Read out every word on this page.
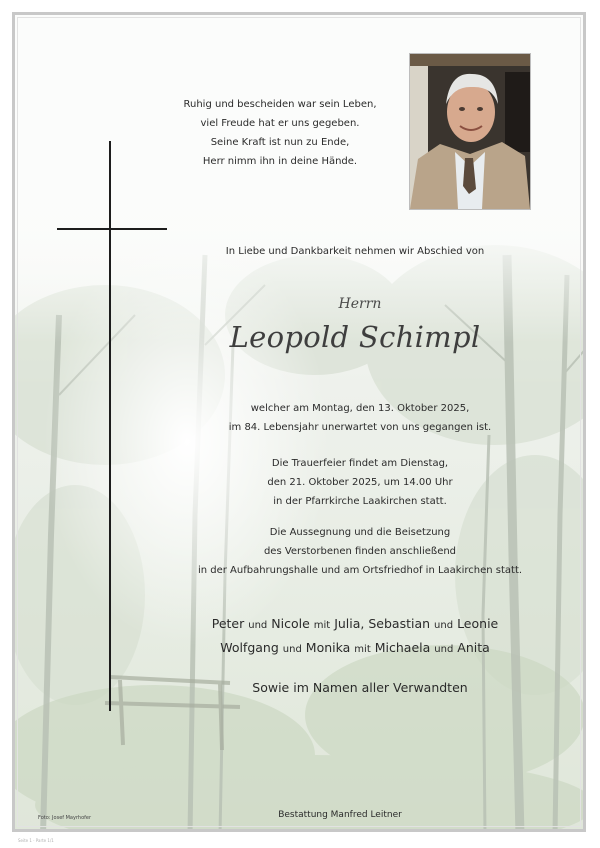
Ruhig und bescheiden war sein Leben,
viel Freude hat er uns gegeben.
Seine Kraft ist nun zu Ende,
Herr nimm ihn in deine Hände.
In Liebe und Dankbarkeit nehmen wir Abschied von
Herrn
Leopold Schimpl
welcher am Montag, den 13. Oktober 2025,
im 84. Lebensjahr unerwartet von uns gegangen ist.
Die Trauerfeier findet am Dienstag,
den 21. Oktober 2025, um 14.00 Uhr
in der Pfarrkirche Laakirchen statt.
Die Aussegnung und die Beisetzung
des Verstorbenen finden anschließend
in der Aufbahrungshalle und am Ortsfriedhof in Laakirchen statt.
Peter und Nicole mit Julia, Sebastian und Leonie
Wolfgang und Monika mit Michaela und Anita
Sowie im Namen aller Verwandten
Foto: Josef Mayrhofer	Bestattung Manfred Leitner
Seite 1 · Parte 1/1
